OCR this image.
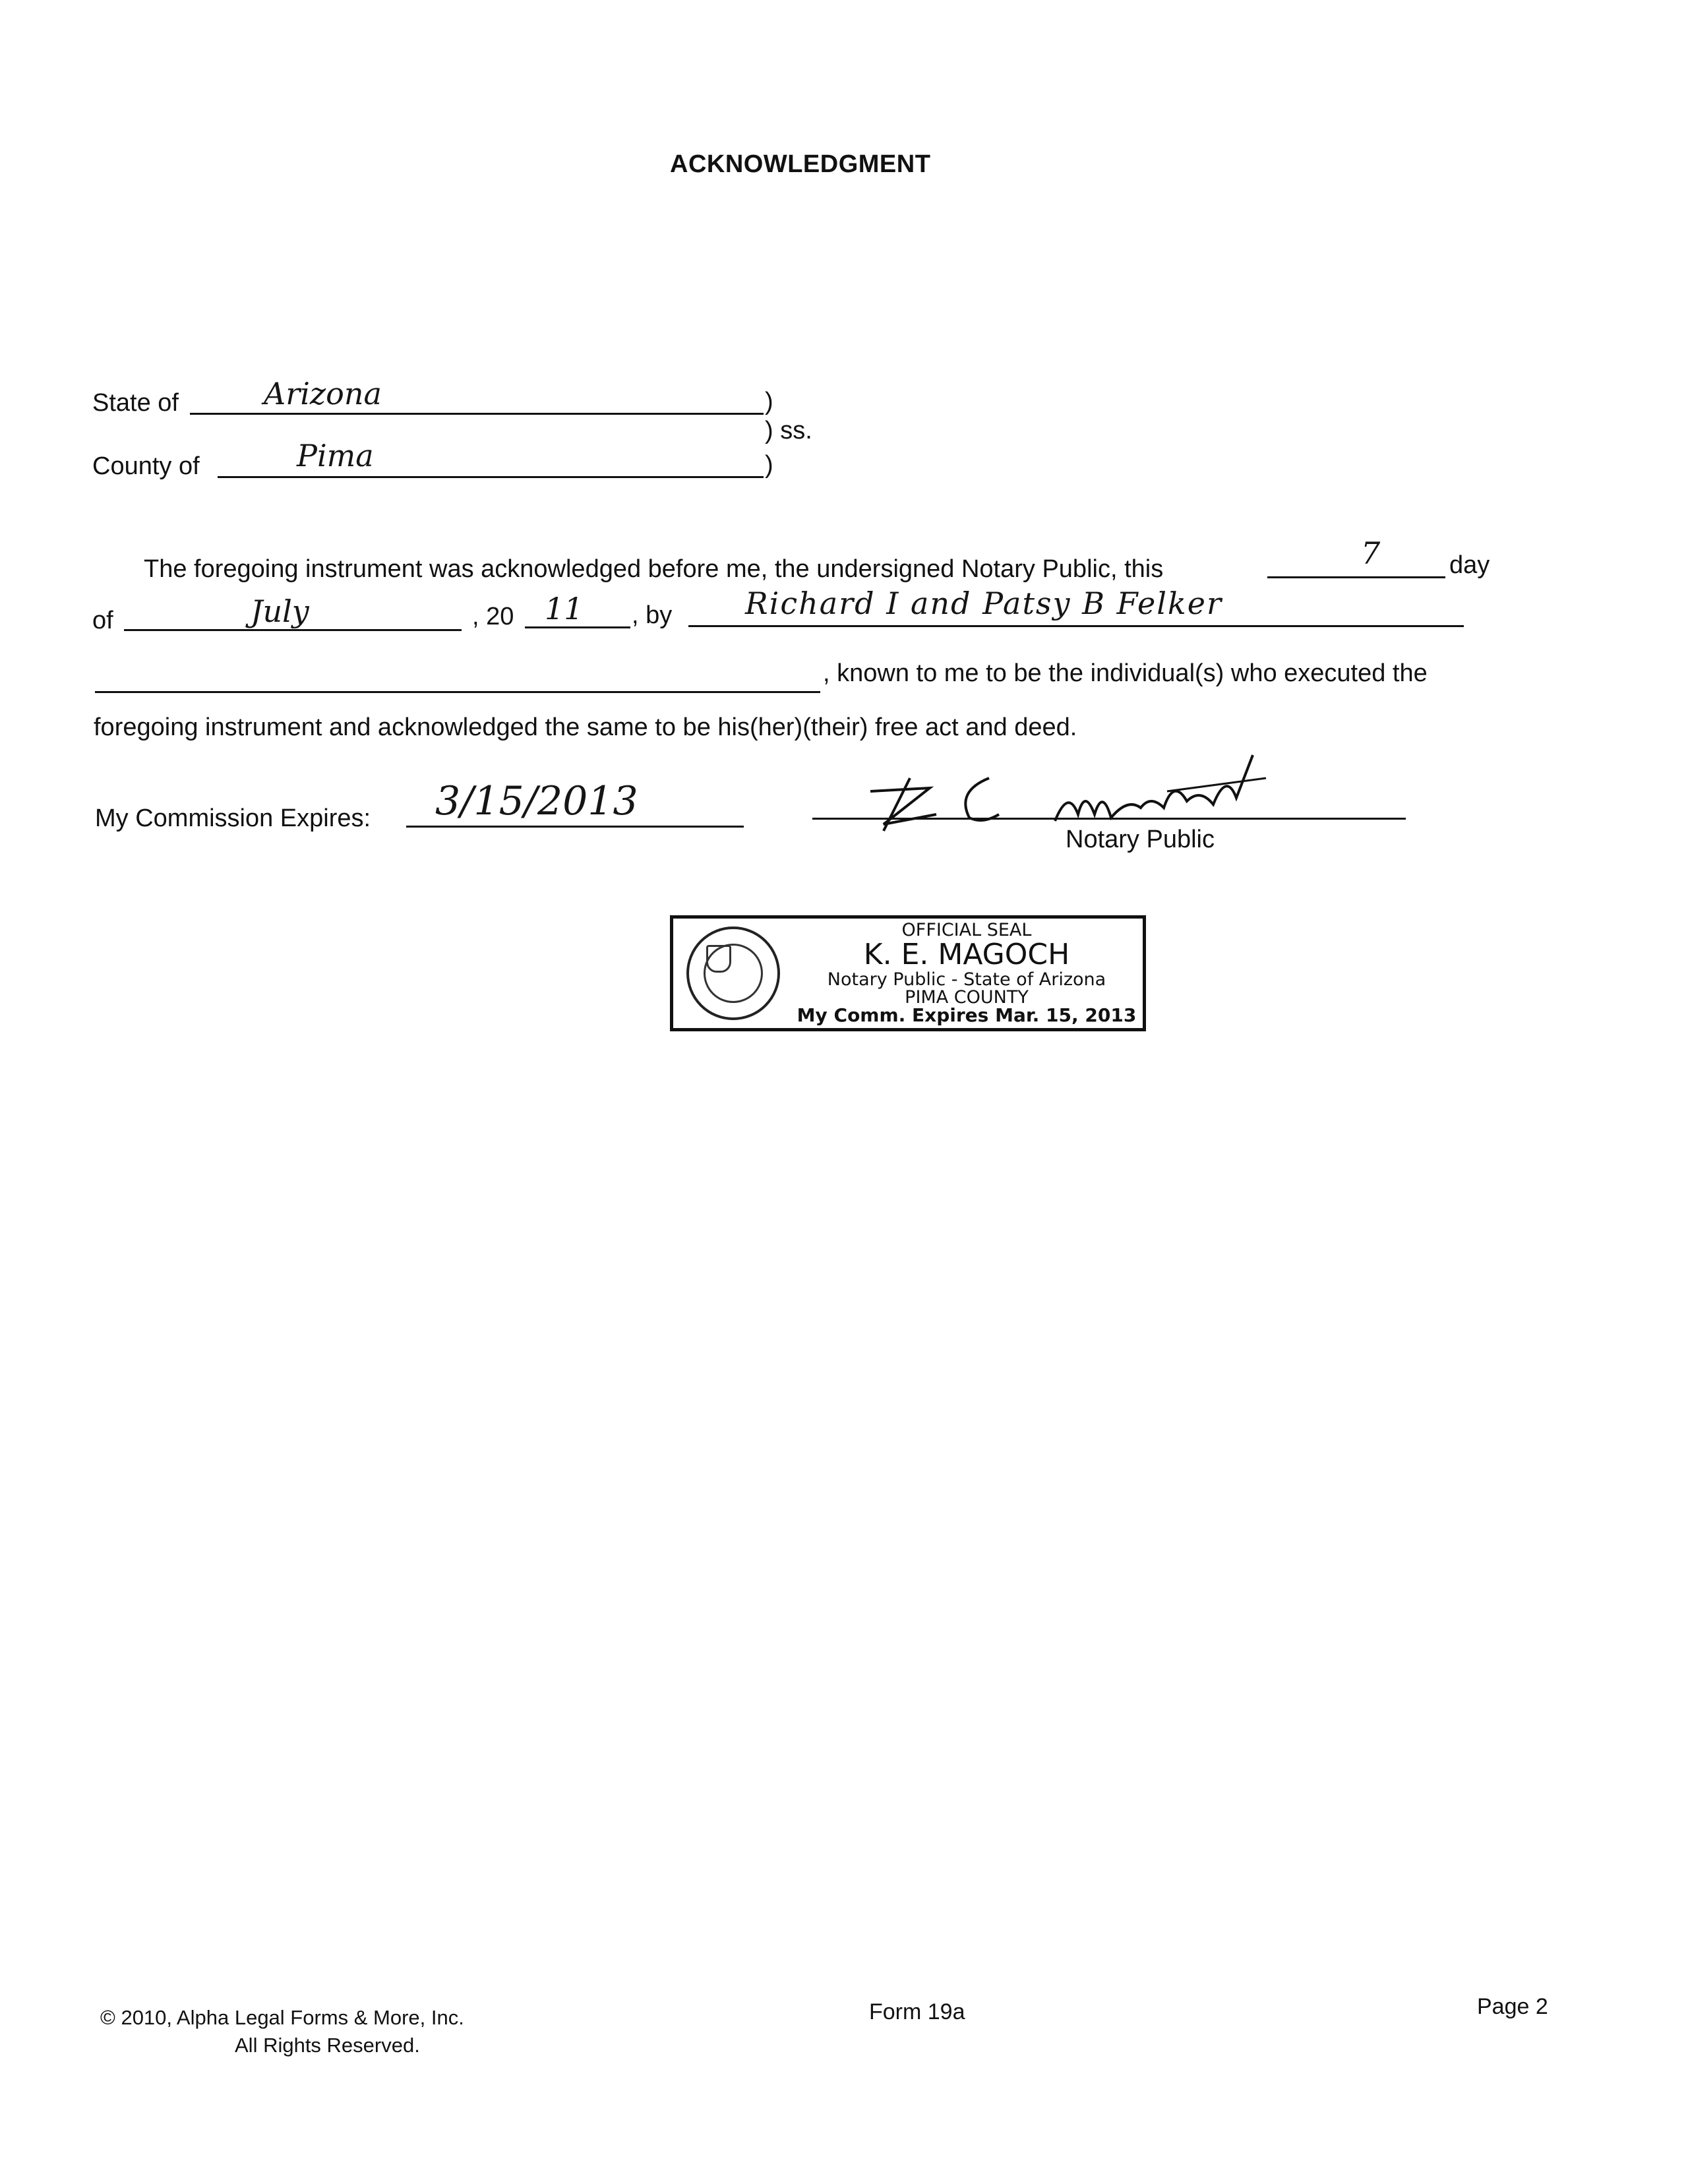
ACKNOWLEDGMENT
State of	Arizona	)
) ss.
County of	Pima	)
The foregoing instrument was acknowledged before me, the undersigned Notary Public, this	7	day
of	July	, 20 11 , by Richard I and Patsy B Felker
, known to me to be the individual(s) who executed the
foregoing instrument and acknowledged the same to be his(her)(their) free act and deed.
My Commission Expires: 3/15/2013
Notary Public
OFFICIAL SEAL
K. E. MAGOCH
Notary Public - State of Arizona
PIMA COUNTY
My Comm. Expires Mar. 15, 2013
© 2010, Alpha Legal Forms & More, Inc.
All Rights Reserved.
Form 19a	Page 2
